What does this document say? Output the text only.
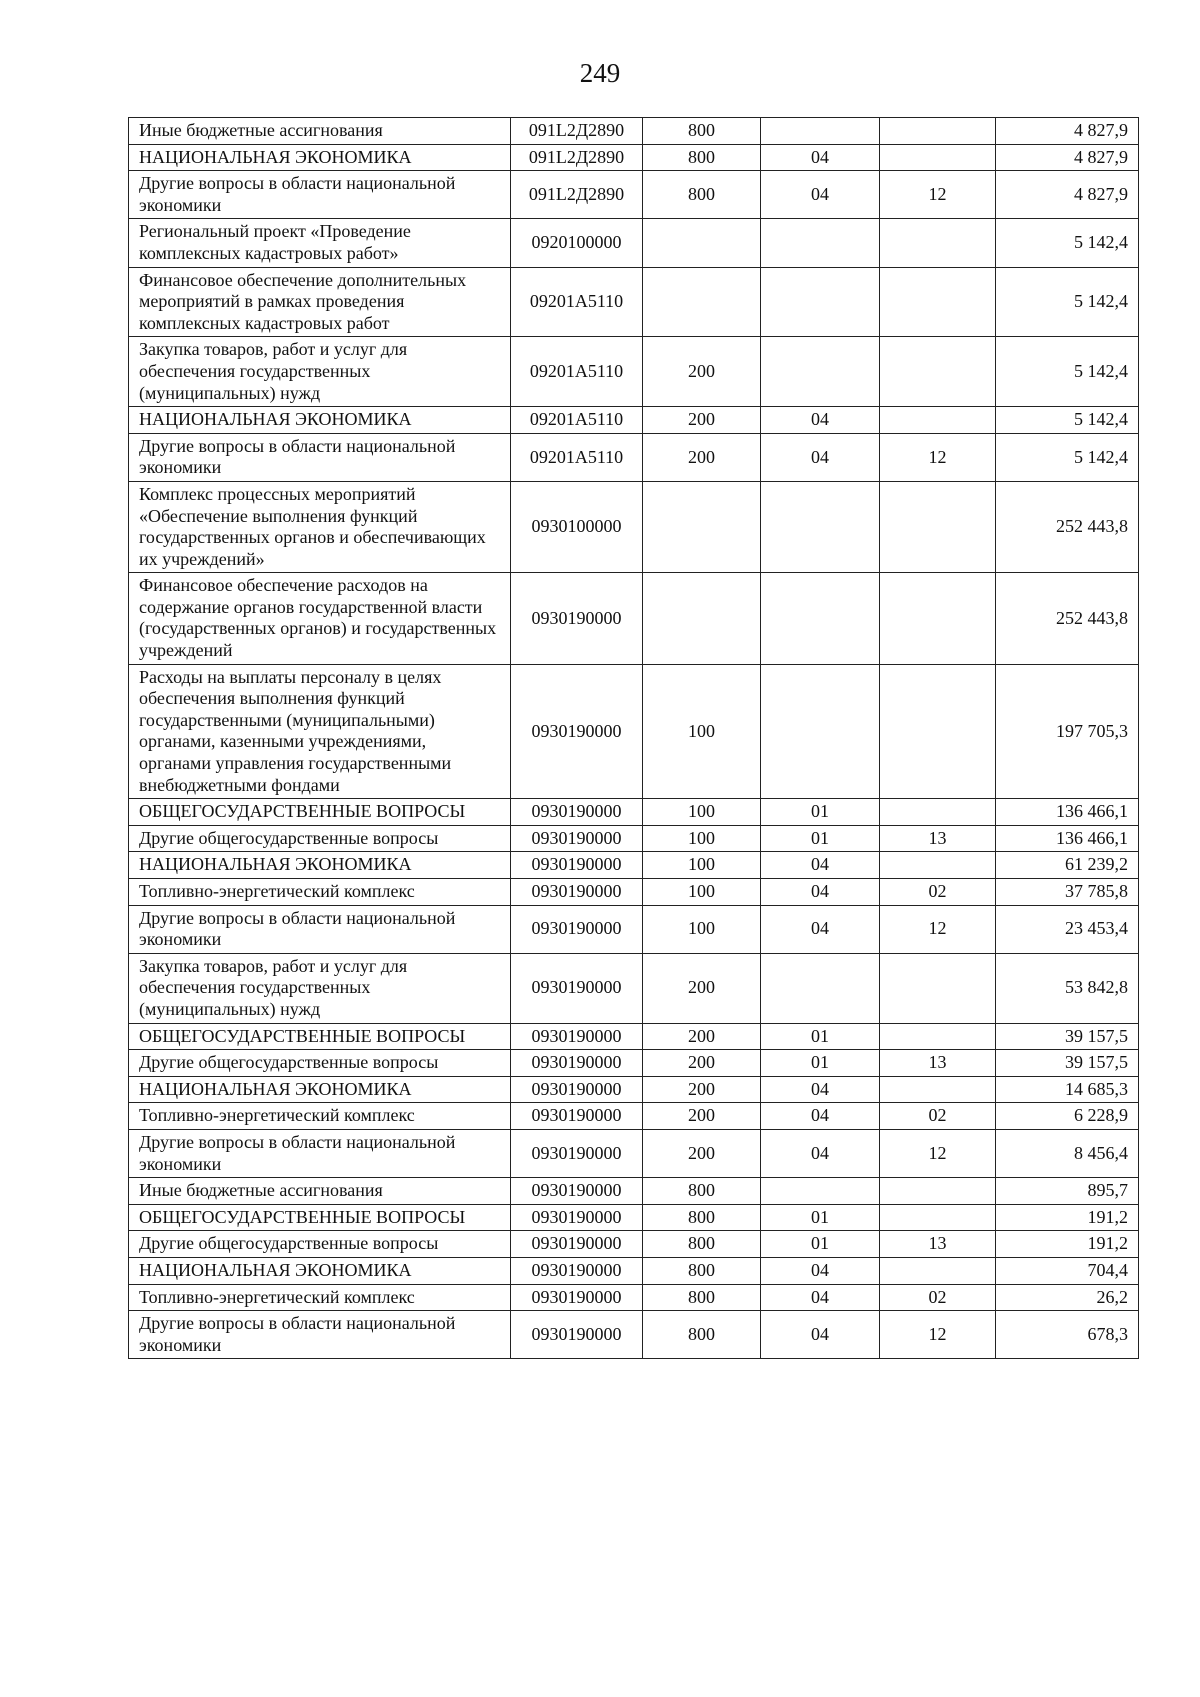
249
Иные бюджетные ассигнования	091L2Д2890	800			4 827,9
НАЦИОНАЛЬНАЯ ЭКОНОМИКА	091L2Д2890	800	04		4 827,9
Другие вопросы в области национальной экономики	091L2Д2890	800	04	12	4 827,9
Региональный проект «Проведение комплексных кадастровых работ»	0920100000				5 142,4
Финансовое обеспечение дополнительных мероприятий в рамках проведения комплексных кадастровых работ	09201А5110				5 142,4
Закупка товаров, работ и услуг для обеспечения государственных (муниципальных) нужд	09201А5110	200			5 142,4
НАЦИОНАЛЬНАЯ ЭКОНОМИКА	09201А5110	200	04		5 142,4
Другие вопросы в области национальной экономики	09201А5110	200	04	12	5 142,4
Комплекс процессных мероприятий «Обеспечение выполнения функций государственных органов и обеспечивающих их учреждений»	0930100000				252 443,8
Финансовое обеспечение расходов на содержание органов государственной власти (государственных органов) и государственных учреждений	0930190000				252 443,8
Расходы на выплаты персоналу в целях обеспечения выполнения функций государственными (муниципальными) органами, казенными учреждениями, органами управления государственными внебюджетными фондами	0930190000	100			197 705,3
ОБЩЕГОСУДАРСТВЕННЫЕ ВОПРОСЫ	0930190000	100	01		136 466,1
Другие общегосударственные вопросы	0930190000	100	01	13	136 466,1
НАЦИОНАЛЬНАЯ ЭКОНОМИКА	0930190000	100	04		61 239,2
Топливно-энергетический комплекс	0930190000	100	04	02	37 785,8
Другие вопросы в области национальной экономики	0930190000	100	04	12	23 453,4
Закупка товаров, работ и услуг для обеспечения государственных (муниципальных) нужд	0930190000	200			53 842,8
ОБЩЕГОСУДАРСТВЕННЫЕ ВОПРОСЫ	0930190000	200	01		39 157,5
Другие общегосударственные вопросы	0930190000	200	01	13	39 157,5
НАЦИОНАЛЬНАЯ ЭКОНОМИКА	0930190000	200	04		14 685,3
Топливно-энергетический комплекс	0930190000	200	04	02	6 228,9
Другие вопросы в области национальной экономики	0930190000	200	04	12	8 456,4
Иные бюджетные ассигнования	0930190000	800			895,7
ОБЩЕГОСУДАРСТВЕННЫЕ ВОПРОСЫ	0930190000	800	01		191,2
Другие общегосударственные вопросы	0930190000	800	01	13	191,2
НАЦИОНАЛЬНАЯ ЭКОНОМИКА	0930190000	800	04		704,4
Топливно-энергетический комплекс	0930190000	800	04	02	26,2
Другие вопросы в области национальной экономики	0930190000	800	04	12	678,3
